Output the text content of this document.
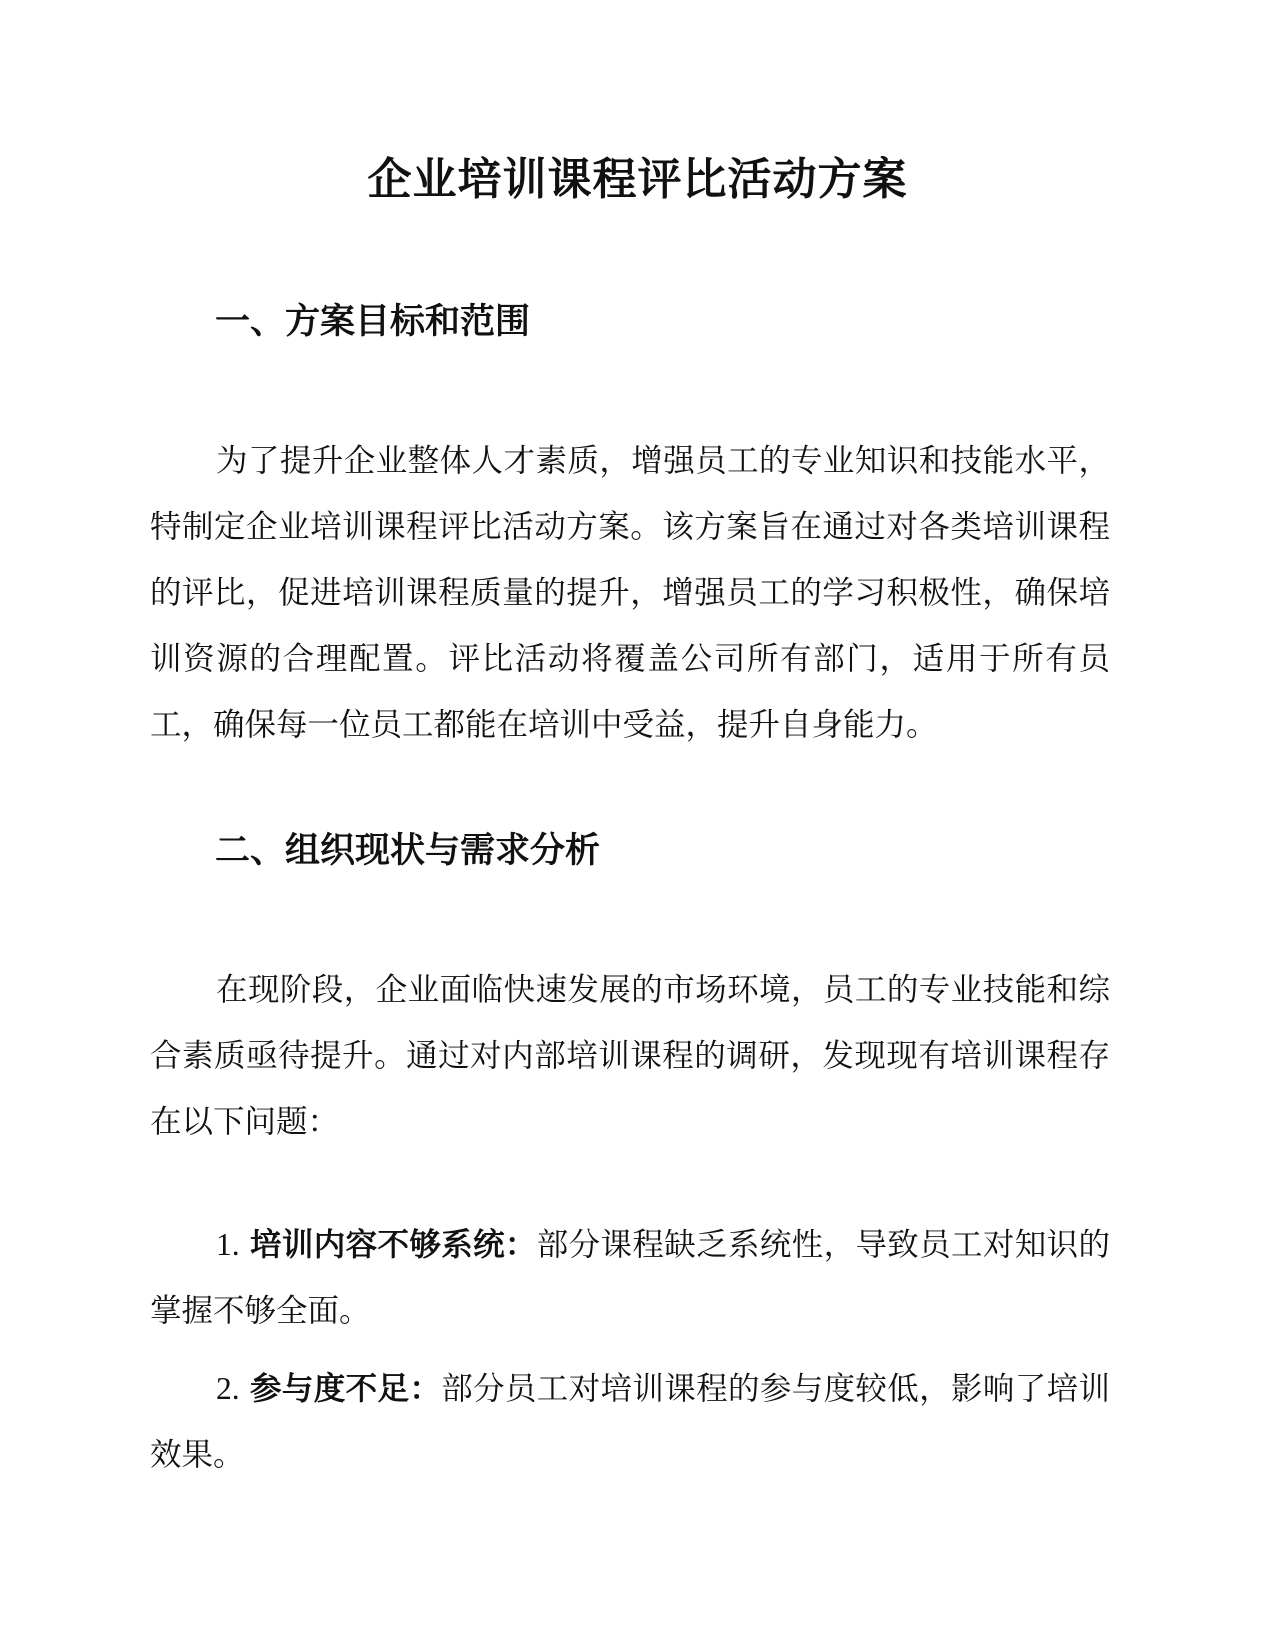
企业培训课程评比活动方案
一、方案目标和范围

为了提升企业整体人才素质，增强员工的专业知识和技能水平，特制定企业培训课程评比活动方案。该方案旨在通过对各类培训课程的评比，促进培训课程质量的提升，增强员工的学习积极性，确保培训资源的合理配置。评比活动将覆盖公司所有部门，适用于所有员工，确保每一位员工都能在培训中受益，提升自身能力。

二、组织现状与需求分析

在现阶段，企业面临快速发展的市场环境，员工的专业技能和综合素质亟待提升。通过对内部培训课程的调研，发现现有培训课程存在以下问题：

1. 培训内容不够系统：部分课程缺乏系统性，导致员工对知识的掌握不够全面。

2. 参与度不足：部分员工对培训课程的参与度较低，影响了培训效果。
